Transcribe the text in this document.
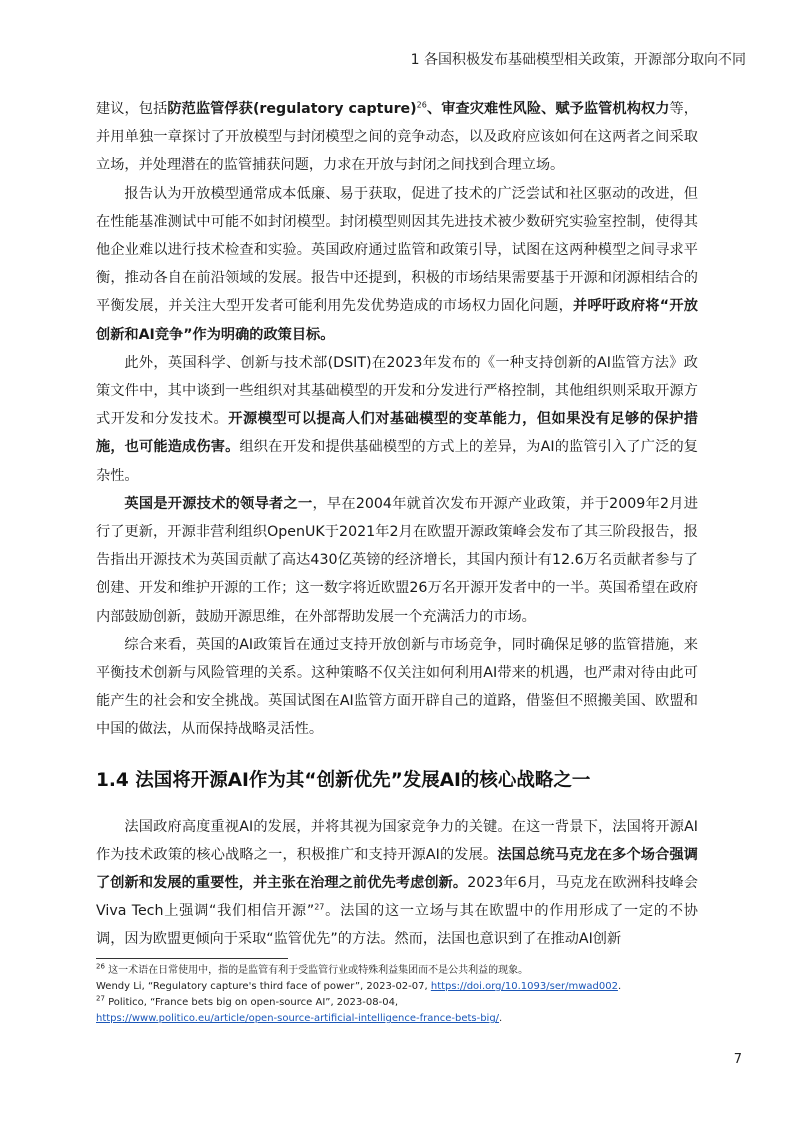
1 各国积极发布基础模型相关政策，开源部分取向不同

建议，包括防范监管俘获(regulatory capture)$^{26}$、审查灾难性风险、赋予监管机构权力等，并用单独一章探讨了开放模型与封闭模型之间的竞争动态，以及政府应该如何在这两者之间采取立场，并处理潜在的监管捕获问题，力求在开放与封闭之间找到合理立场。

报告认为开放模型通常成本低廉、易于获取，促进了技术的广泛尝试和社区驱动的改进，但在性能基准测试中可能不如封闭模型。封闭模型则因其先进技术被少数研究实验室控制，使得其他企业难以进行技术检查和实验。英国政府通过监管和政策引导，试图在这两种模型之间寻求平衡，推动各自在前沿领域的发展。报告中还提到，积极的市场结果需要基于开源和闭源相结合的平衡发展，并关注大型开发者可能利用先发优势造成的市场权力固化问题，并呼吁政府将“开放创新和AI竞争”作为明确的政策目标。

此外，英国科学、创新与技术部(DSIT)在2023年发布的《一种支持创新的AI监管方法》政策文件中，其中谈到一些组织对其基础模型的开发和分发进行严格控制，其他组织则采取开源方式开发和分发技术。开源模型可以提高人们对基础模型的变革能力，但如果没有足够的保护措施，也可能造成伤害。组织在开发和提供基础模型的方式上的差异，为AI的监管引入了广泛的复杂性。

英国是开源技术的领导者之一，早在2004年就首次发布开源产业政策，并于2009年2月进行了更新，开源非营利组织OpenUK于2021年2月在欧盟开源政策峰会发布了其三阶段报告，报告指出开源技术为英国贡献了高达430亿英镑的经济增长，其国内预计有12.6万名贡献者参与了创建、开发和维护开源的工作；这一数字将近欧盟26万名开源开发者中的一半。英国希望在政府内部鼓励创新，鼓励开源思维，在外部帮助发展一个充满活力的市场。

综合来看，英国的AI政策旨在通过支持开放创新与市场竞争，同时确保足够的监管措施，来平衡技术创新与风险管理的关系。这种策略不仅关注如何利用AI带来的机遇，也严肃对待由此可能产生的社会和安全挑战。英国试图在AI监管方面开辟自己的道路，借鉴但不照搬美国、欧盟和中国的做法，从而保持战略灵活性。

1.4 法国将开源AI作为其“创新优先”发展AI的核心战略之一

法国政府高度重视AI的发展，并将其视为国家竞争力的关键。在这一背景下，法国将开源AI作为技术政策的核心战略之一，积极推广和支持开源AI的发展。法国总统马克龙在多个场合强调了创新和发展的重要性，并主张在治理之前优先考虑创新。2023年6月，马克龙在欧洲科技峰会Viva Tech上强调“我们相信开源”$^{27}$。法国的这一立场与其在欧盟中的作用形成了一定的不协调，因为欧盟更倾向于采取“监管优先”的方法。然而，法国也意识到了在推动AI创新

$^{26}$ 这一术语在日常使用中，指的是监管有利于受监管行业或特殊利益集团而不是公共利益的现象。

Wendy Li, “Regulatory capture's third face of power”, 2023-02-07, https://doi.org/10.1093/ser/mwad002.

$^{27}$ Politico, “France bets big on open-source AI”, 2023-08-04,

https://www.politico.eu/article/open-source-artificial-intelligence-france-bets-big/.

7
